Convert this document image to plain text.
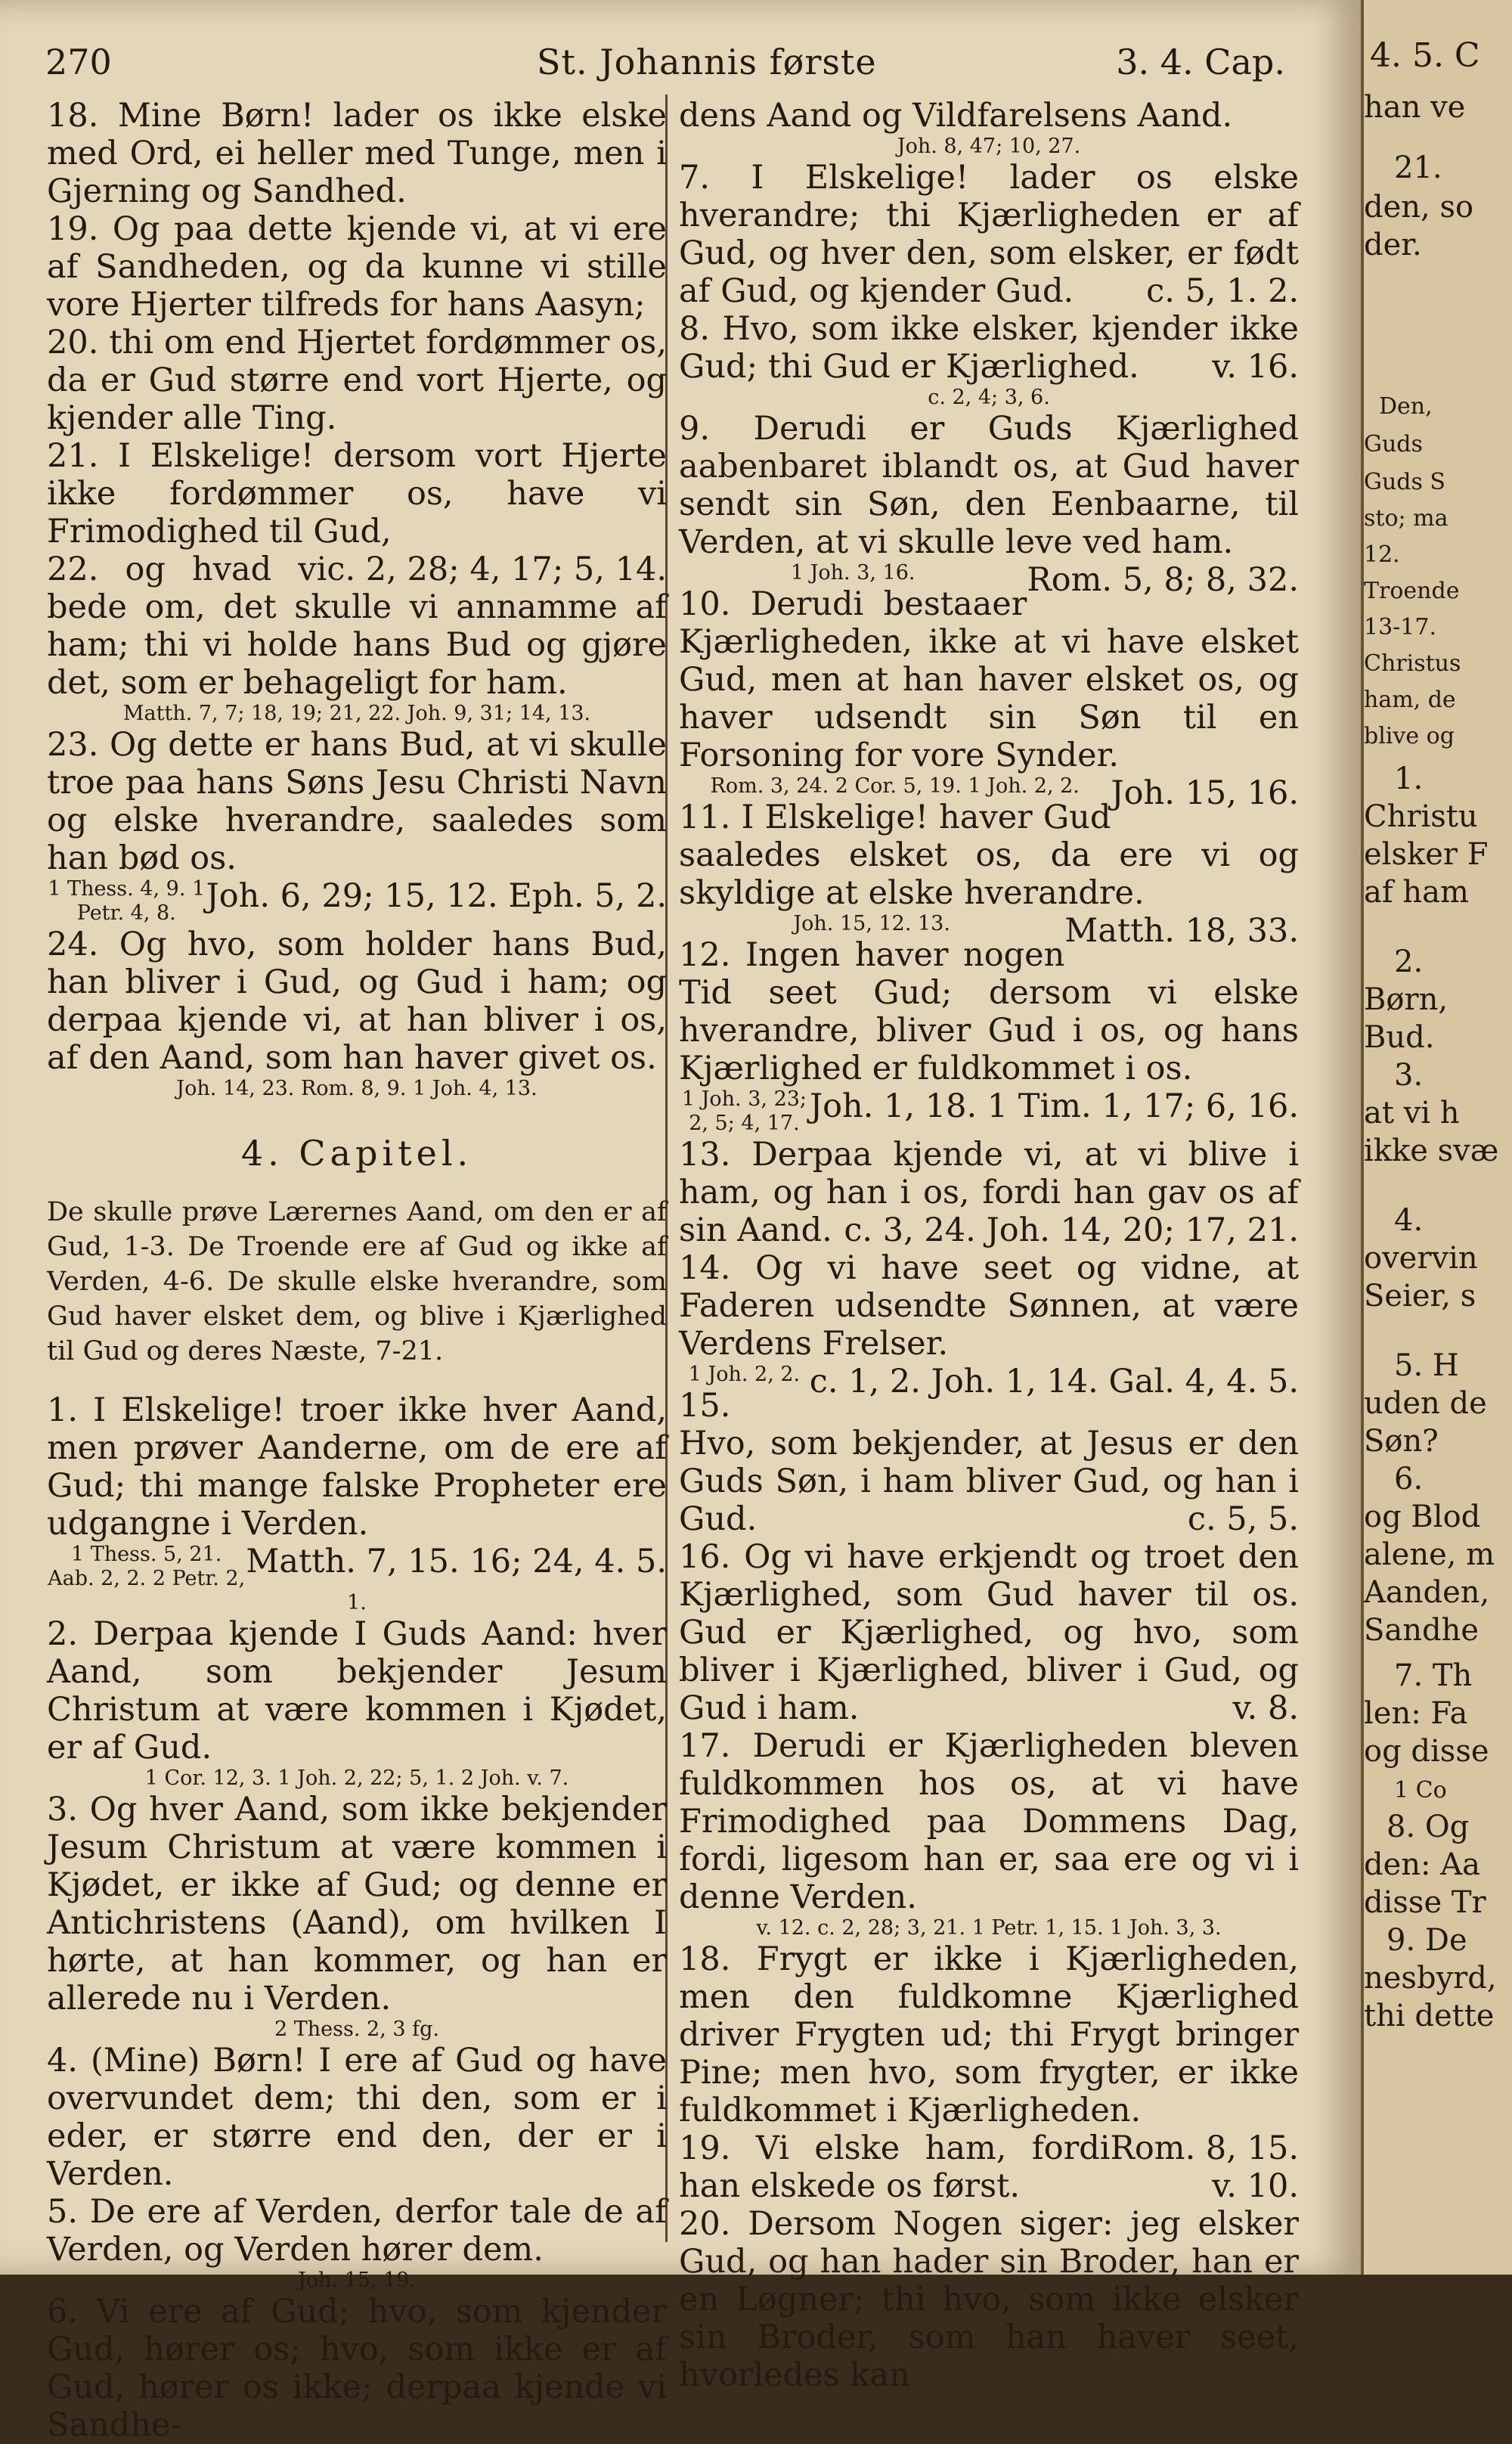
270	St. Johannis første	3. 4. Cap.

18. Mine Børn! lader os ikke elske med Ord, ei heller med Tunge, men i Gjerning og Sandhed.

19. Og paa dette kjende vi, at vi ere af Sandheden, og da kunne vi stille vore Hjerter tilfreds for hans Aasyn;

20. thi om end Hjertet fordømmer os, da er Gud større end vort Hjerte, og kjender alle Ting.

21. I Elskelige! dersom vort Hjerte ikke fordømmer os, have vi Frimodighed til Gud,
c. 2, 28; 4, 17; 5, 14.

22. og hvad vi bede om, det skulle vi annamme af ham; thi vi holde hans Bud og gjøre det, som er behageligt for ham.

Matth. 7, 7; 18, 19; 21, 22. Joh. 9, 31; 14, 13.

23. Og dette er hans Bud, at vi skulle troe paa hans Søns Jesu Christi Navn og elske hverandre, saaledes som han bød os.
Joh. 6, 29; 15, 12. Eph. 5, 2.

1 Thess. 4, 9. 1 Petr. 4, 8.

24. Og hvo, som holder hans Bud, han bliver i Gud, og Gud i ham; og derpaa kjende vi, at han bliver i os, af den Aand, som han haver givet os.

Joh. 14, 23. Rom. 8, 9. 1 Joh. 4, 13.

4. Capitel.

De skulle prøve Lærernes Aand, om den er af Gud, 1-3. De Troende ere af Gud og ikke af Verden, 4-6. De skulle elske hverandre, som Gud haver elsket dem, og blive i Kjærlighed til Gud og deres Næste, 7-21.

1. I Elskelige! troer ikke hver Aand, men prøver Aanderne, om de ere af Gud; thi mange falske Propheter ere udgangne i Verden.
Matth. 7, 15. 16; 24, 4. 5.

1 Thess. 5, 21. Aab. 2, 2. 2 Petr. 2, 1.

2. Derpaa kjende I Guds Aand: hver Aand, som bekjender Jesum Christum at være kommen i Kjødet, er af Gud.

1 Cor. 12, 3. 1 Joh. 2, 22; 5, 1. 2 Joh. v. 7.

3. Og hver Aand, som ikke bekjender Jesum Christum at være kommen i Kjødet, er ikke af Gud; og denne er Antichristens (Aand), om hvilken I hørte, at han kommer, og han er allerede nu i Verden.

2 Thess. 2, 3 fg.

4. (Mine) Børn! I ere af Gud og have overvundet dem; thi den, som er i eder, er større end den, der er i Verden.

5. De ere af Verden, derfor tale de af Verden, og Verden hører dem.

Joh. 15, 19.

6. Vi ere af Gud; hvo, som kjender Gud, hører os; hvo, som ikke er af Gud, hører os ikke; derpaa kjende vi Sandhe-

dens Aand og Vildfarelsens Aand.

Joh. 8, 47; 10, 27.

7. I Elskelige! lader os elske hverandre; thi Kjærligheden er af Gud, og hver den, som elsker, er født af Gud, og kjender Gud. c. 5, 1. 2.

8. Hvo, som ikke elsker, kjender ikke Gud; thi Gud er Kjærlighed. v. 16.

c. 2, 4; 3, 6.

9. Derudi er Guds Kjærlighed aabenbaret iblandt os, at Gud haver sendt sin Søn, den Eenbaarne, til Verden, at vi skulle leve ved ham.
Rom. 5, 8; 8, 32.

1 Joh. 3, 16.

10. Derudi bestaaer Kjærligheden, ikke at vi have elsket Gud, men at han haver elsket os, og haver udsendt sin Søn til en Forsoning for vore Synder.
Joh. 15, 16.

Rom. 3, 24. 2 Cor. 5, 19. 1 Joh. 2, 2.

11. I Elskelige! haver Gud saaledes elsket os, da ere vi og skyldige at elske hverandre.
Matth. 18, 33.

Joh. 15, 12. 13.

12. Ingen haver nogen Tid seet Gud; dersom vi elske hverandre, bliver Gud i os, og hans Kjærlighed er fuldkommet i os.
Joh. 1, 18. 1 Tim. 1, 17; 6, 16.

1 Joh. 3, 23; 2, 5; 4, 17.

13. Derpaa kjende vi, at vi blive i ham, og han i os, fordi han gav os af sin Aand. c. 3, 24. Joh. 14, 20; 17, 21.

14. Og vi have seet og vidne, at Faderen udsendte Sønnen, at være Verdens Frelser.
c. 1, 2. Joh. 1, 14. Gal. 4, 4. 5.

1 Joh. 2, 2.

15. Hvo, som bekjender, at Jesus er den Guds Søn, i ham bliver Gud, og han i Gud.	c. 5, 5.

16. Og vi have erkjendt og troet den Kjærlighed, som Gud haver til os. Gud er Kjærlighed, og hvo, som bliver i Kjærlighed, bliver i Gud, og Gud i ham.	v. 8.

17. Derudi er Kjærligheden bleven fuldkommen hos os, at vi have Frimodighed paa Dommens Dag, fordi, ligesom han er, saa ere og vi i denne Verden.

v. 12. c. 2, 28; 3, 21. 1 Petr. 1, 15. 1 Joh. 3, 3.

18. Frygt er ikke i Kjærligheden, men den fuldkomne Kjærlighed driver Frygten ud; thi Frygt bringer Pine; men hvo, som frygter, er ikke fuldkommet i Kjærligheden.
Rom. 8, 15.

19. Vi elske ham, fordi han elskede os først.	v. 10.

20. Dersom Nogen siger: jeg elsker Gud, og han hader sin Broder, han er en Løgner; thi hvo, som ikke elsker sin Broder, som han haver seet, hvorledes kan

4. 5. C
han ve
21.
den, so
der.
Den,
Guds
Guds S
sto; ma
12.
Troende
13-17.
Christus
ham, de
blive og
1.
Christu
elsker F
af ham
2.
Børn,
Bud.
3.
at vi h
ikke svæ
4.
overvin
Seier, s
5. H
uden de
Søn?
6.
og Blod
alene, m
Aanden,
Sandhe
7. Th
len: Fa
og disse
1 Co
8. Og
den: Aa
disse Tr
9. De
nesbyrd,
thi dette
